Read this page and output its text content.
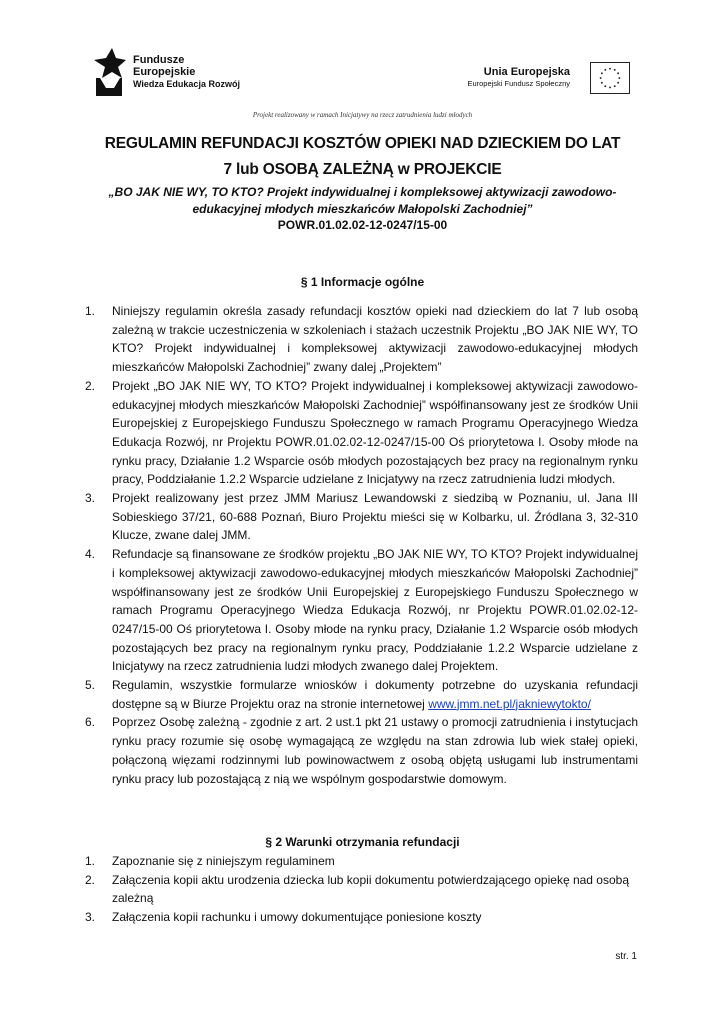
Fundusze
Europejskie
Wiedza Edukacja Rozwój
Unia Europejska
Europejski Fundusz Społeczny
Projekt realizowany w ramach Inicjatywy na rzecz zatrudnienia ludzi młodych
REGULAMIN REFUNDACJI KOSZTÓW OPIEKI NAD DZIECKIEM DO LAT
7 lub OSOBĄ ZALEŻNĄ w PROJEKCIE
„BO JAK NIE WY, TO KTO? Projekt indywidualnej i kompleksowej aktywizacji zawodowo-edukacyjnej młodych mieszkańców Małopolski Zachodniej”
POWR.01.02.02-12-0247/15-00
§ 1 Informacje ogólne
1. Niniejszy regulamin określa zasady refundacji kosztów opieki nad dzieckiem do lat 7 lub osobą zależną w trakcie uczestniczenia w szkoleniach i stażach uczestnik Projektu „BO JAK NIE WY, TO KTO? Projekt indywidualnej i kompleksowej aktywizacji zawodowo-edukacyjnej młodych mieszkańców Małopolski Zachodniej” zwany dalej „Projektem”
2. Projekt „BO JAK NIE WY, TO KTO? Projekt indywidualnej i kompleksowej aktywizacji zawodowo-edukacyjnej młodych mieszkańców Małopolski Zachodniej” współfinansowany jest ze środków Unii Europejskiej z Europejskiego Funduszu Społecznego w ramach Programu Operacyjnego Wiedza Edukacja Rozwój, nr Projektu POWR.01.02.02-12-0247/15-00 Oś priorytetowa I. Osoby młode na rynku pracy, Działanie 1.2 Wsparcie osób młodych pozostających bez pracy na regionalnym rynku pracy, Poddziałanie 1.2.2 Wsparcie udzielane z Inicjatywy na rzecz zatrudnienia ludzi młodych.
3. Projekt realizowany jest przez JMM Mariusz Lewandowski z siedzibą w Poznaniu, ul. Jana III Sobieskiego 37/21, 60-688 Poznań, Biuro Projektu mieści się w Kolbarku, ul. Źródlana 3, 32-310 Klucze, zwane dalej JMM.
4. Refundacje są finansowane ze środków projektu „BO JAK NIE WY, TO KTO? Projekt indywidualnej i kompleksowej aktywizacji zawodowo-edukacyjnej młodych mieszkańców Małopolski Zachodniej” współfinansowany jest ze środków Unii Europejskiej z Europejskiego Funduszu Społecznego w ramach Programu Operacyjnego Wiedza Edukacja Rozwój, nr Projektu POWR.01.02.02-12-0247/15-00 Oś priorytetowa I. Osoby młode na rynku pracy, Działanie 1.2 Wsparcie osób młodych pozostających bez pracy na regionalnym rynku pracy, Poddziałanie 1.2.2 Wsparcie udzielane z Inicjatywy na rzecz zatrudnienia ludzi młodych zwanego dalej Projektem.
5. Regulamin, wszystkie formularze wniosków i dokumenty potrzebne do uzyskania refundacji dostępne są w Biurze Projektu oraz na stronie internetowej www.jmm.net.pl/jakniewytokto/
6. Poprzez Osobę zależną - zgodnie z art. 2 ust.1 pkt 21 ustawy o promocji zatrudnienia i instytucjach rynku pracy rozumie się osobę wymagającą ze względu na stan zdrowia lub wiek stałej opieki, połączoną więzami rodzinnymi lub powinowactwem z osobą objętą usługami lub instrumentami rynku pracy lub pozostającą z nią we wspólnym gospodarstwie domowym.
§ 2 Warunki otrzymania refundacji
1. Zapoznanie się z niniejszym regulaminem
2. Załączenia kopii aktu urodzenia dziecka lub kopii dokumentu potwierdzającego opiekę nad osobą zależną
3. Załączenia kopii rachunku i umowy dokumentujące poniesione koszty
str. 1
